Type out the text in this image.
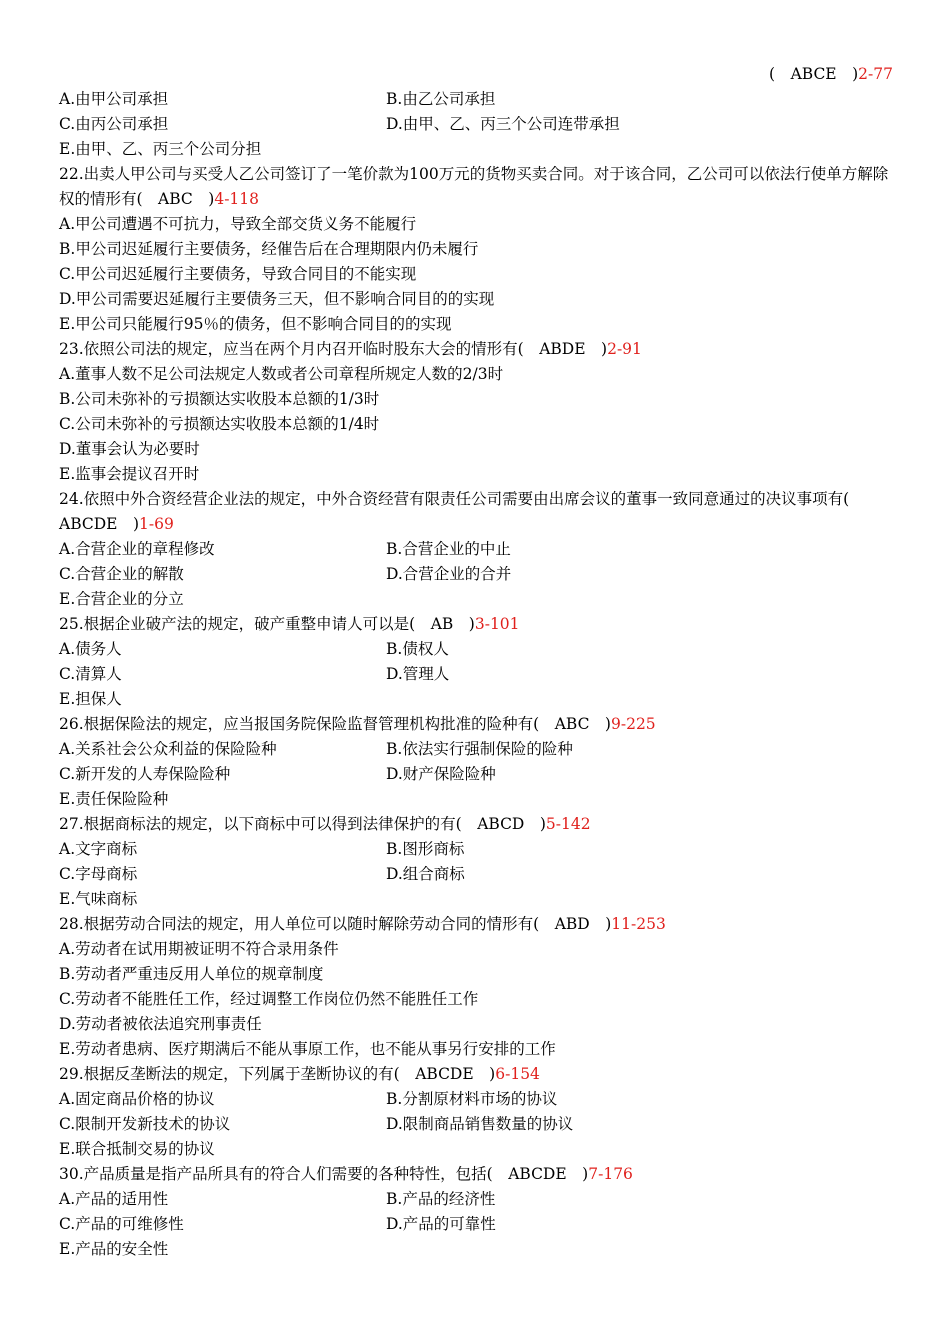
(　ABCE　)2-77
A.由甲公司承担	B.由乙公司承担
C.由丙公司承担	D.由甲、乙、丙三个公司连带承担
E.由甲、乙、丙三个公司分担
22.出卖人甲公司与买受人乙公司签订了一笔价款为100万元的货物买卖合同。对于该合同，乙公司可以依法行使单方解除权的情形有(　ABC　)4-118
A.甲公司遭遇不可抗力，导致全部交货义务不能履行
B.甲公司迟延履行主要债务，经催告后在合理期限内仍未履行
C.甲公司迟延履行主要债务，导致合同目的不能实现
D.甲公司需要迟延履行主要债务三天，但不影响合同目的的实现
E.甲公司只能履行95％的债务，但不影响合同目的的实现
23.依照公司法的规定，应当在两个月内召开临时股东大会的情形有(　ABDE　)2-91
A.董事人数不足公司法规定人数或者公司章程所规定人数的2/3时
B.公司未弥补的亏损额达实收股本总额的1/3时
C.公司未弥补的亏损额达实收股本总额的1/4时
D.董事会认为必要时
E.监事会提议召开时
24.依照中外合资经营企业法的规定，中外合资经营有限责任公司需要由出席会议的董事一致同意通过的决议事项有(　ABCDE　)1-69
A.合营企业的章程修改	B.合营企业的中止
C.合营企业的解散	D.合营企业的合并
E.合营企业的分立
25.根据企业破产法的规定，破产重整申请人可以是(　AB　)3-101
A.债务人	B.债权人
C.清算人	D.管理人
E.担保人
26.根据保险法的规定，应当报国务院保险监督管理机构批准的险种有(　ABC　)9-225
A.关系社会公众利益的保险险种	B.依法实行强制保险的险种
C.新开发的人寿保险险种	D.财产保险险种
E.责任保险险种
27.根据商标法的规定，以下商标中可以得到法律保护的有(　ABCD　)5-142
A.文字商标	B.图形商标
C.字母商标	D.组合商标
E.气味商标
28.根据劳动合同法的规定，用人单位可以随时解除劳动合同的情形有(　ABD　)11-253
A.劳动者在试用期被证明不符合录用条件
B.劳动者严重违反用人单位的规章制度
C.劳动者不能胜任工作，经过调整工作岗位仍然不能胜任工作
D.劳动者被依法追究刑事责任
E.劳动者患病、医疗期满后不能从事原工作，也不能从事另行安排的工作
29.根据反垄断法的规定，下列属于垄断协议的有(　ABCDE　)6-154
A.固定商品价格的协议	B.分割原材料市场的协议
C.限制开发新技术的协议	D.限制商品销售数量的协议
E.联合抵制交易的协议
30.产品质量是指产品所具有的符合人们需要的各种特性，包括(　ABCDE　)7-176
A.产品的适用性	B.产品的经济性
C.产品的可维修性	D.产品的可靠性
E.产品的安全性
